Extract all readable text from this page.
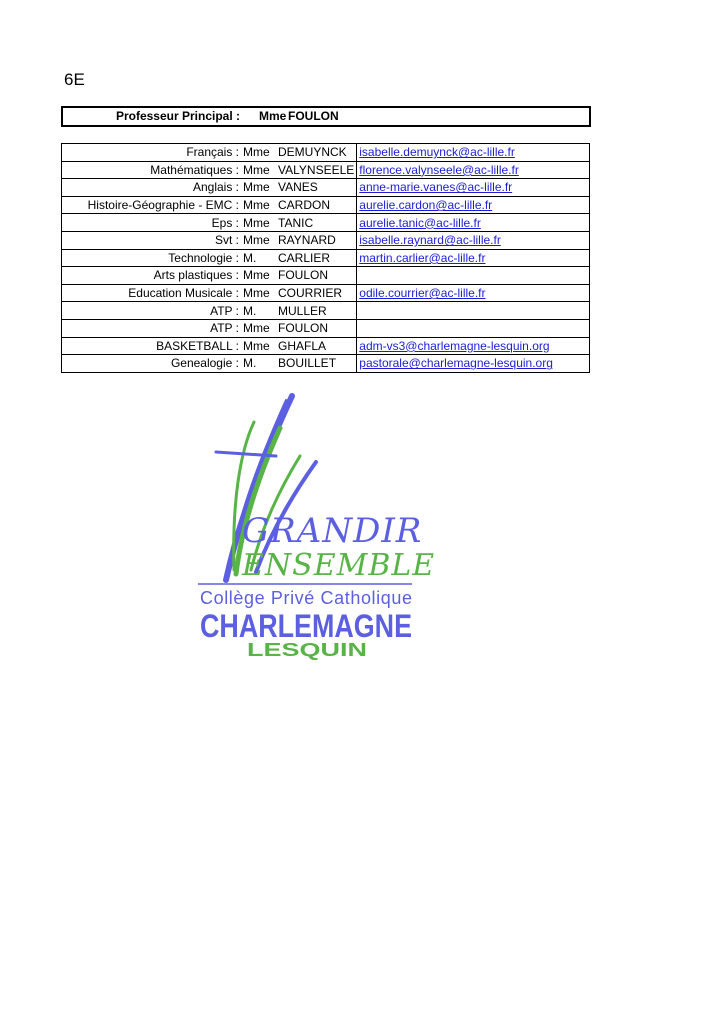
6E
Professeur Principal : Mme FOULON
Français :	Mme	DEMUYNCK	isabelle.demuynck@ac-lille.fr
Mathématiques :	Mme	VALYNSEELE	florence.valynseele@ac-lille.fr
Anglais :	Mme	VANES	anne-marie.vanes@ac-lille.fr
Histoire-Géographie - EMC :	Mme	CARDON	aurelie.cardon@ac-lille.fr
Eps :	Mme	TANIC	aurelie.tanic@ac-lille.fr
Svt :	Mme	RAYNARD	isabelle.raynard@ac-lille.fr
Technologie :	M.	CARLIER	martin.carlier@ac-lille.fr
Arts plastiques :	Mme	FOULON	
Education Musicale :	Mme	COURRIER	odile.courrier@ac-lille.fr
ATP :	M.	MULLER	
ATP :	Mme	FOULON	
BASKETBALL :	Mme	GHAFLA	adm-vs3@charlemagne-lesquin.org
Genealogie :	M.	BOUILLET	pastorale@charlemagne-lesquin.org
GRANDIR
ENSEMBLE
Collège Privé Catholique
CHARLEMAGNE
LESQUIN
